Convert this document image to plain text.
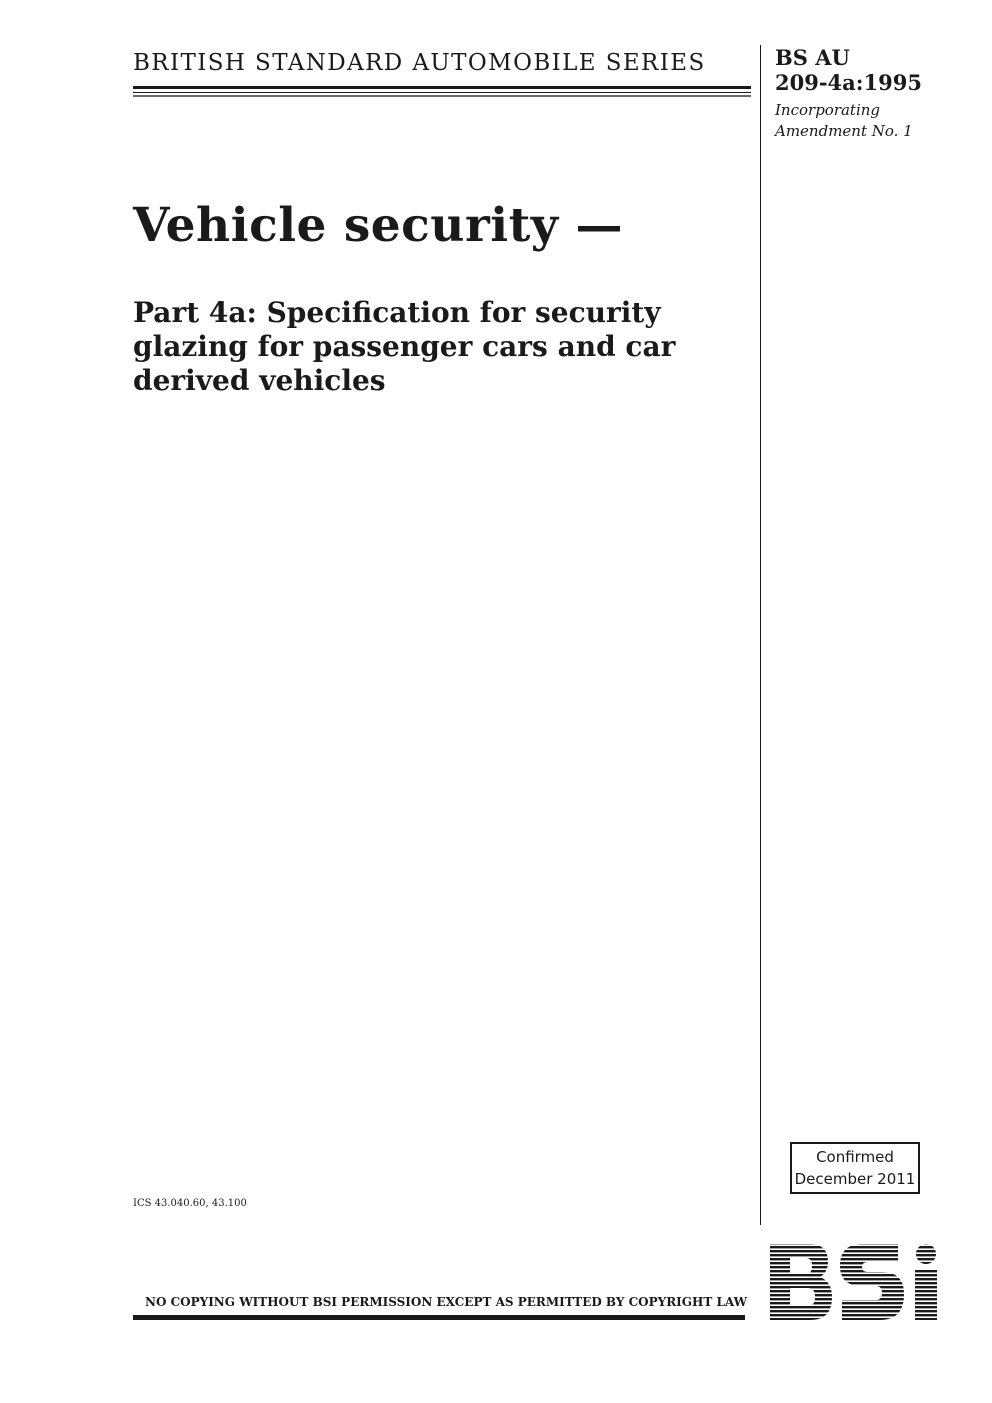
BRITISH STANDARD AUTOMOBILE SERIES	BS AU
209-4a:1995
Incorporating
Amendment No. 1
Vehicle security —
Part 4a: Specification for security
glazing for passenger cars and car
derived vehicles
ICS 43.040.60, 43.100
Confirmed
December 2011
NO COPYING WITHOUT BSI PERMISSION EXCEPT AS PERMITTED BY COPYRIGHT LAW
